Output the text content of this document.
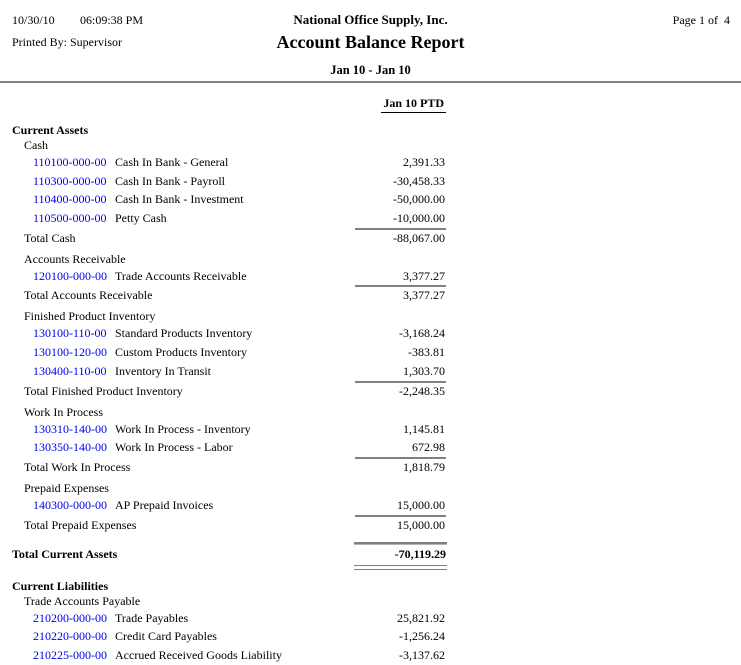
10/30/10 06:09:38 PM	National Office Supply, Inc.	Page 1 of  4
Printed By: Supervisor	Account Balance Report
Jan 10 - Jan 10
Jan 10 PTD
Current Assets
Cash
110100-000-00 Cash In Bank - General	2,391.33
110300-000-00 Cash In Bank - Payroll	-30,458.33
110400-000-00 Cash In Bank - Investment	-50,000.00
110500-000-00 Petty Cash	-10,000.00
Total Cash	-88,067.00
Accounts Receivable
120100-000-00 Trade Accounts Receivable	3,377.27
Total Accounts Receivable	3,377.27
Finished Product Inventory
130100-110-00 Standard Products Inventory	-3,168.24
130100-120-00 Custom Products Inventory	-383.81
130400-110-00 Inventory In Transit	1,303.70
Total Finished Product Inventory	-2,248.35
Work In Process
130310-140-00 Work In Process - Inventory	1,145.81
130350-140-00 Work In Process - Labor	672.98
Total Work In Process	1,818.79
Prepaid Expenses
140300-000-00 AP Prepaid Invoices	15,000.00
Total Prepaid Expenses	15,000.00
Total Current Assets	-70,119.29
Current Liabilities
Trade Accounts Payable
210200-000-00 Trade Payables	25,821.92
210220-000-00 Credit Card Payables	-1,256.24
210225-000-00 Accrued Received Goods Liability	-3,137.62
